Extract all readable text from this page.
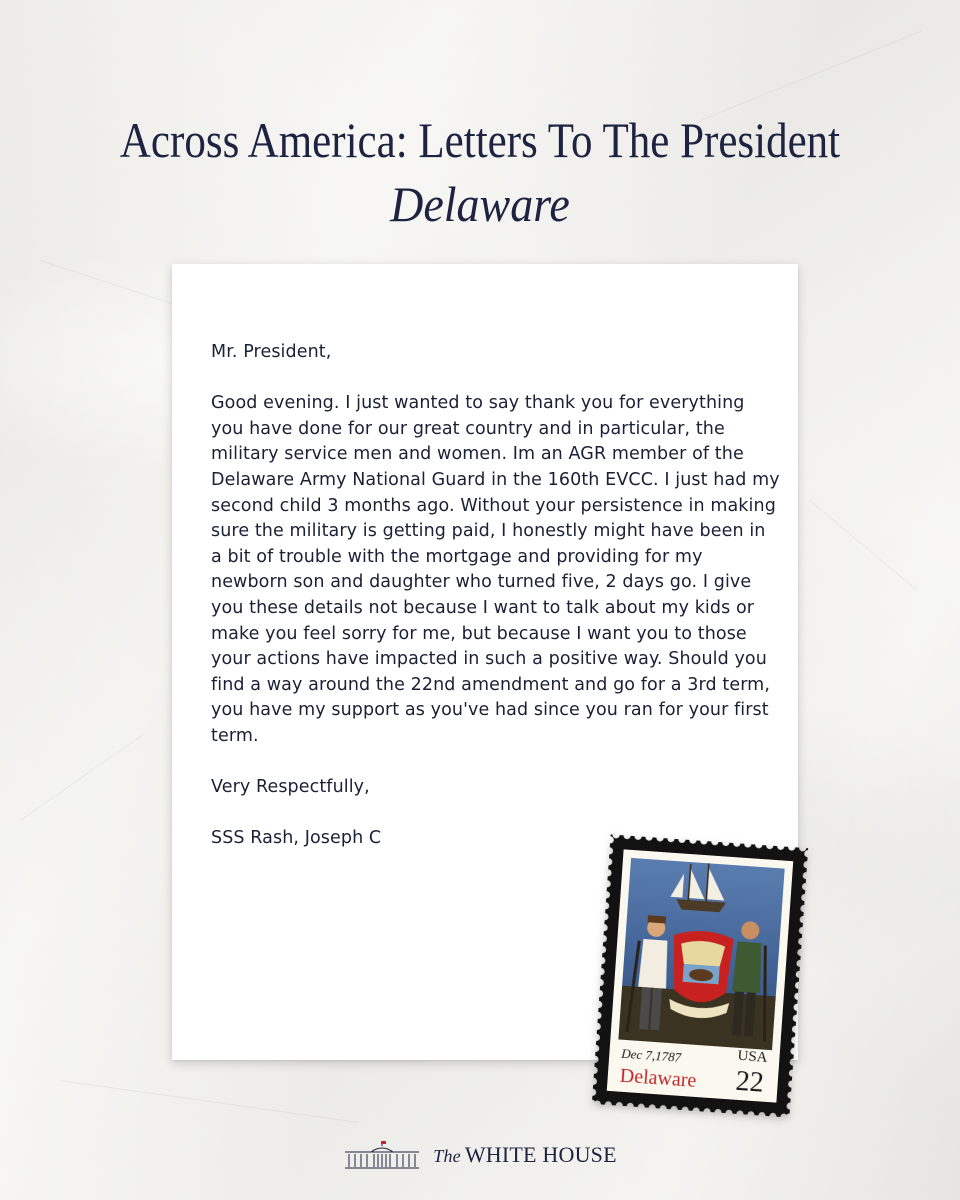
Across America: Letters To The President
Delaware

Mr. President,

Good evening. I just wanted to say thank you for everything you have done for our great country and in particular, the military service men and women. Im an AGR member of the Delaware Army National Guard in the 160th EVCC. I just had my second child 3 months ago. Without your persistence in making sure the military is getting paid, I honestly might have been in a bit of trouble with the mortgage and providing for my newborn son and daughter who turned five, 2 days go. I give you these details not because I want to talk about my kids or make you feel sorry for me, but because I want you to those your actions have impacted in such a positive way. Should you find a way around the 22nd amendment and go for a 3rd term, you have my support as you've had since you ran for your first term.

Very Respectfully,

SSS Rash, Joseph C

Dec 7,1787	USA
Delaware 22
The WHITE HOUSE
